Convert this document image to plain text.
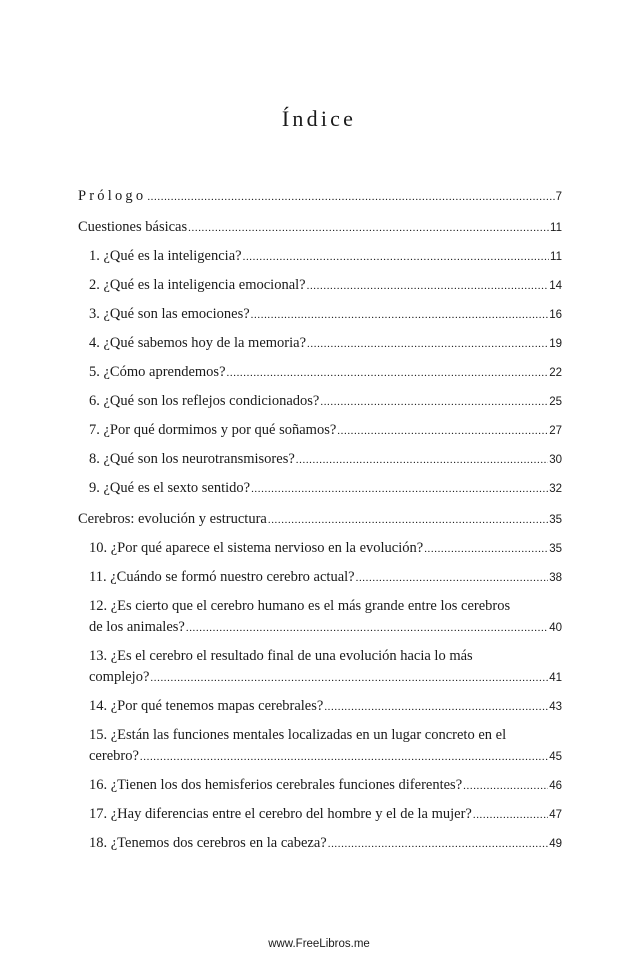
Índice
Prólogo .....	7
Cuestiones básicas .....	11
1. ¿Qué es la inteligencia? .....	11
2. ¿Qué es la inteligencia emocional? .....	14
3. ¿Qué son las emociones? .....	16
4. ¿Qué sabemos hoy de la memoria? .....	19
5. ¿Cómo aprendemos? .....	22
6. ¿Qué son los reflejos condicionados? .....	25
7. ¿Por qué dormimos y por qué soñamos? .....	27
8. ¿Qué son los neurotransmisores? .....	30
9. ¿Qué es el sexto sentido? .....	32
Cerebros: evolución y estructura .....	35
10. ¿Por qué aparece el sistema nervioso en la evolución? .....	35
11. ¿Cuándo se formó nuestro cerebro actual? .....	38
12. ¿Es cierto que el cerebro humano es el más grande entre los cerebros
de los animales? .....	40
13. ¿Es el cerebro el resultado final de una evolución hacia lo más
complejo? .....	41
14. ¿Por qué tenemos mapas cerebrales? .....	43
15. ¿Están las funciones mentales localizadas en un lugar concreto en el
cerebro? .....	45
16. ¿Tienen los dos hemisferios cerebrales funciones diferentes? .....	46
17. ¿Hay diferencias entre el cerebro del hombre y el de la mujer? .....	47
18. ¿Tenemos dos cerebros en la cabeza? .....	49
www.FreeLibros.me
